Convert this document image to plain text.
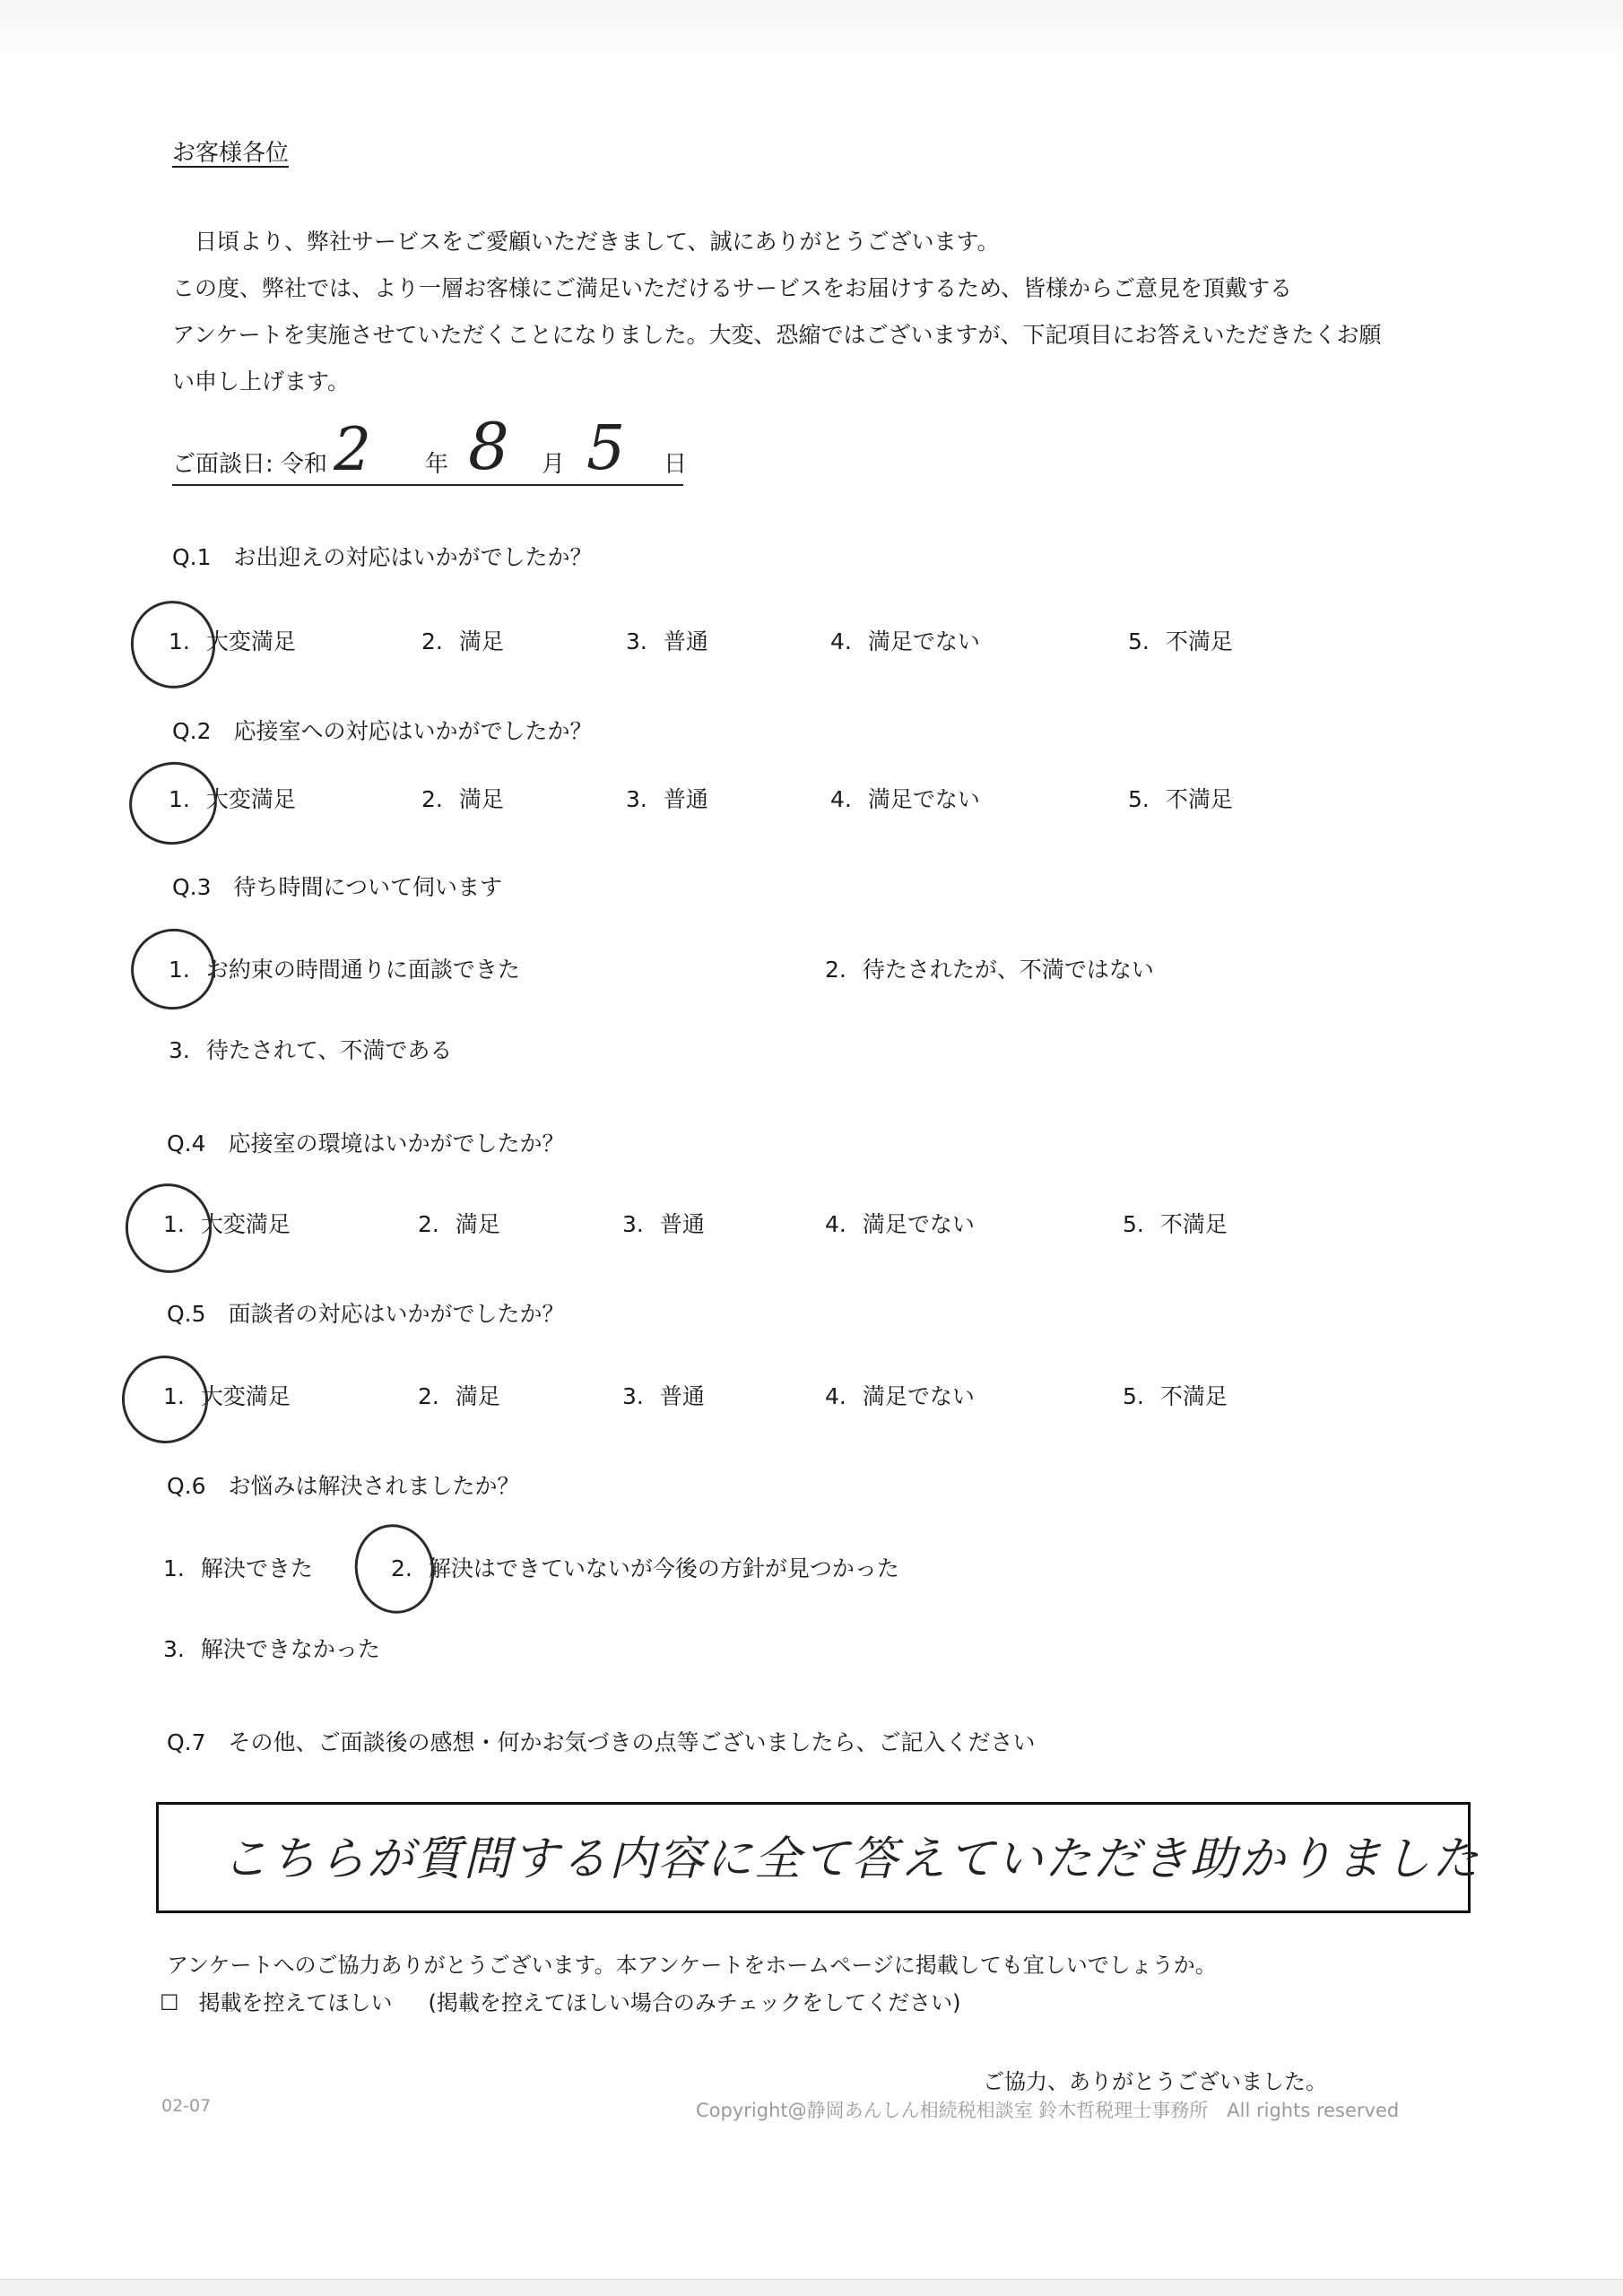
お客様各位
　日頃より、弊社サービスをご愛顧いただきまして、誠にありがとうございます。
この度、弊社では、より一層お客様にご満足いただけるサービスをお届けするため、皆様からご意見を頂戴する
アンケートを実施させていただくことになりました。大変、恐縮ではございますが、下記項目にお答えいただきたくお願
い申し上げます。
ご面談日: 令和 2 年 8 月 5 日
Q.1　お出迎えの対応はいかがでしたか？
1. 大変満足	2. 満足	3. 普通	4. 満足でない	5. 不満足
Q.2　応接室への対応はいかがでしたか？
1. 大変満足	2. 満足	3. 普通	4. 満足でない	5. 不満足
Q.3　待ち時間について伺います
1. お約束の時間通りに面談できた	2. 待たされたが、不満ではない
3. 待たされて、不満である
Q.4　応接室の環境はいかがでしたか？
1. 大変満足	2. 満足	3. 普通	4. 満足でない	5. 不満足
Q.5　面談者の対応はいかがでしたか？
1. 大変満足	2. 満足	3. 普通	4. 満足でない	5. 不満足
Q.6　お悩みは解決されましたか？
1. 解決できた	2. 解決はできていないが今後の方針が見つかった
3. 解決できなかった
Q.7　その他、ご面談後の感想・何かお気づきの点等ございましたら、ご記入ください
こちらが質問する内容に全て答えていただき助かりました
アンケートへのご協力ありがとうございます。本アンケートをホームページに掲載しても宜しいでしょうか。
☐ 掲載を控えてほしい (掲載を控えてほしい場合のみチェックをしてください)
ご協力、ありがとうございました。
02-07	Copyright@静岡あんしん相続税相談室 鈴木哲税理士事務所　All rights reserved
